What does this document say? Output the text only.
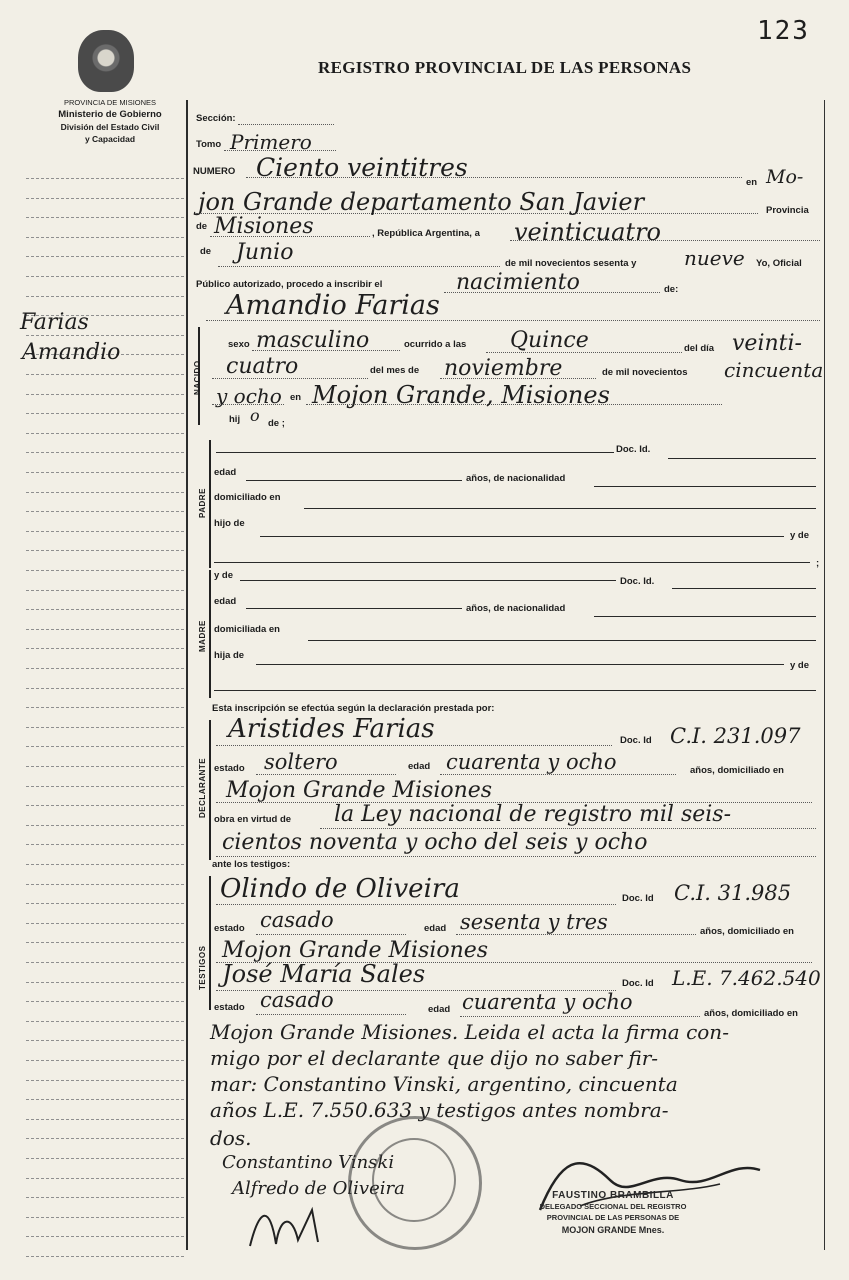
123
PROVINCIA DE MISIONES
Ministerio de Gobierno
División del Estado Civil
y Capacidad
REGISTRO PROVINCIAL DE LAS PERSONAS
Farias
Amandio
Sección:
Tomo Primero
NUMERO Ciento veintitres
en Mo-
jon Grande departamento San Javier	Provincia
de Misiones	, República Argentina, a veinticuatro
de Junio	de mil novecientos sesenta y nueve Yo, Oficial
Público autorizado, procedo a inscribir el	nacimiento	de:
Amandio Farias
NACIDO
sexo masculino	ocurrido a las Quince	del día veinti-
cuatro	del mes de noviembre	de mil novecientos cincuenta
y ocho en Mojon Grande, Misiones
hij o de ;
PADRE
Doc. Id.
edad
años, de nacionalidad
domiciliado en
hijo de
y de
;
MADRE
y de
Doc. Id.
edad
años, de nacionalidad
domiciliada en
hija de
y de
Esta inscripción se efectúa según la declaración prestada por:
DECLARANTE
Aristides Farias	Doc. Id C.I. 231.097
estado soltero	edad cuarenta y ocho	años, domiciliado en
Mojon Grande Misiones
obra en virtud de la Ley nacional de registro mil seis-
cientos noventa y ocho del seis y ocho
ante los testigos:
TESTIGOS
Olindo de Oliveira	Doc. Id C.I. 31.985
estado casado	edad sesenta y tres	años, domiciliado en
Mojon Grande Misiones
José María Sales	Doc. Id L.E. 7.462.540
estado casado	edad cuarenta y ocho	años, domiciliado en
Mojon Grande Misiones. Leida el acta la firma con-
migo por el declarante que dijo no saber fir-
mar: Constantino Vinski, argentino, cincuenta
años L.E. 7.550.633 y testigos antes nombra-
dos.
Constantino Vinski
Alfredo de Oliveira	FAUSTINO BRAMBILLA
DELEGADO SECCIONAL DEL REGISTRO
PROVINCIAL DE LAS PERSONAS DE
MOJON GRANDE Mnes.
